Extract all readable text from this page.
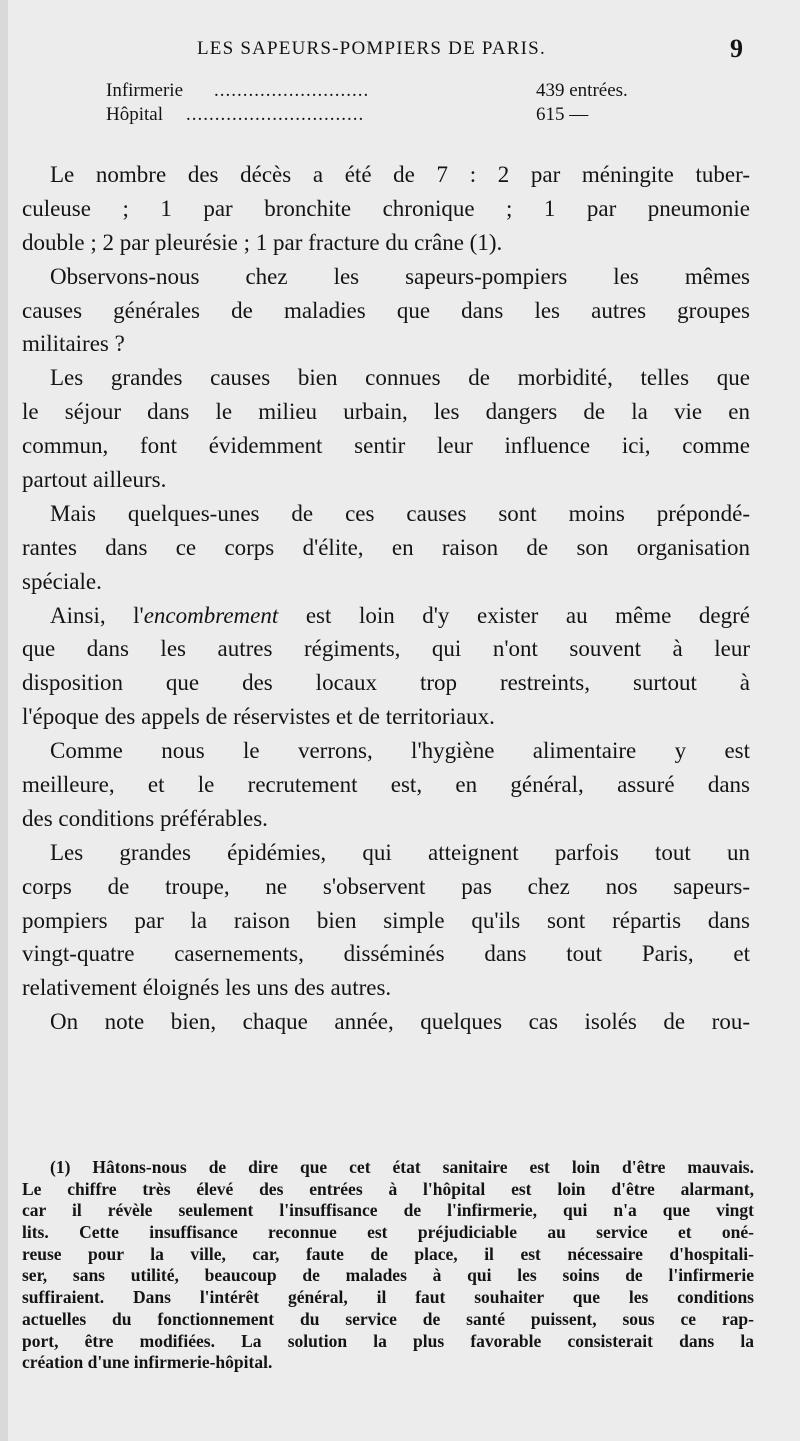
LES SAPEURS-POMPIERS DE PARIS.	9
Infirmerie ...........................	439 entrées.
Hôpital ...............................	615 —
Le nombre des décès a été de 7 : 2 par méningite tuber-
culeuse ; 1 par bronchite chronique ; 1 par pneumonie
double ; 2 par pleurésie ; 1 par fracture du crâne (1).
Observons-nous chez les sapeurs-pompiers les mêmes
causes générales de maladies que dans les autres groupes
militaires ?
Les grandes causes bien connues de morbidité, telles que
le séjour dans le milieu urbain, les dangers de la vie en
commun, font évidemment sentir leur influence ici, comme
partout ailleurs.
Mais quelques-unes de ces causes sont moins prépondé-
rantes dans ce corps d'élite, en raison de son organisation
spéciale.
Ainsi, l'encombrement est loin d'y exister au même degré
que dans les autres régiments, qui n'ont souvent à leur
disposition que des locaux trop restreints, surtout à
l'époque des appels de réservistes et de territoriaux.
Comme nous le verrons, l'hygiène alimentaire y est
meilleure, et le recrutement est, en général, assuré dans
des conditions préférables.
Les grandes épidémies, qui atteignent parfois tout un
corps de troupe, ne s'observent pas chez nos sapeurs-
pompiers par la raison bien simple qu'ils sont répartis dans
vingt-quatre casernements, disséminés dans tout Paris, et
relativement éloignés les uns des autres.
On note bien, chaque année, quelques cas isolés de rou-
(1) Hâtons-nous de dire que cet état sanitaire est loin d'être mauvais.
Le chiffre très élevé des entrées à l'hôpital est loin d'être alarmant,
car il révèle seulement l'insuffisance de l'infirmerie, qui n'a que vingt
lits. Cette insuffisance reconnue est préjudiciable au service et oné-
reuse pour la ville, car, faute de place, il est nécessaire d'hospitali-
ser, sans utilité, beaucoup de malades à qui les soins de l'infirmerie
suffiraient. Dans l'intérêt général, il faut souhaiter que les conditions
actuelles du fonctionnement du service de santé puissent, sous ce rap-
port, être modifiées. La solution la plus favorable consisterait dans la
création d'une infirmerie-hôpital.
